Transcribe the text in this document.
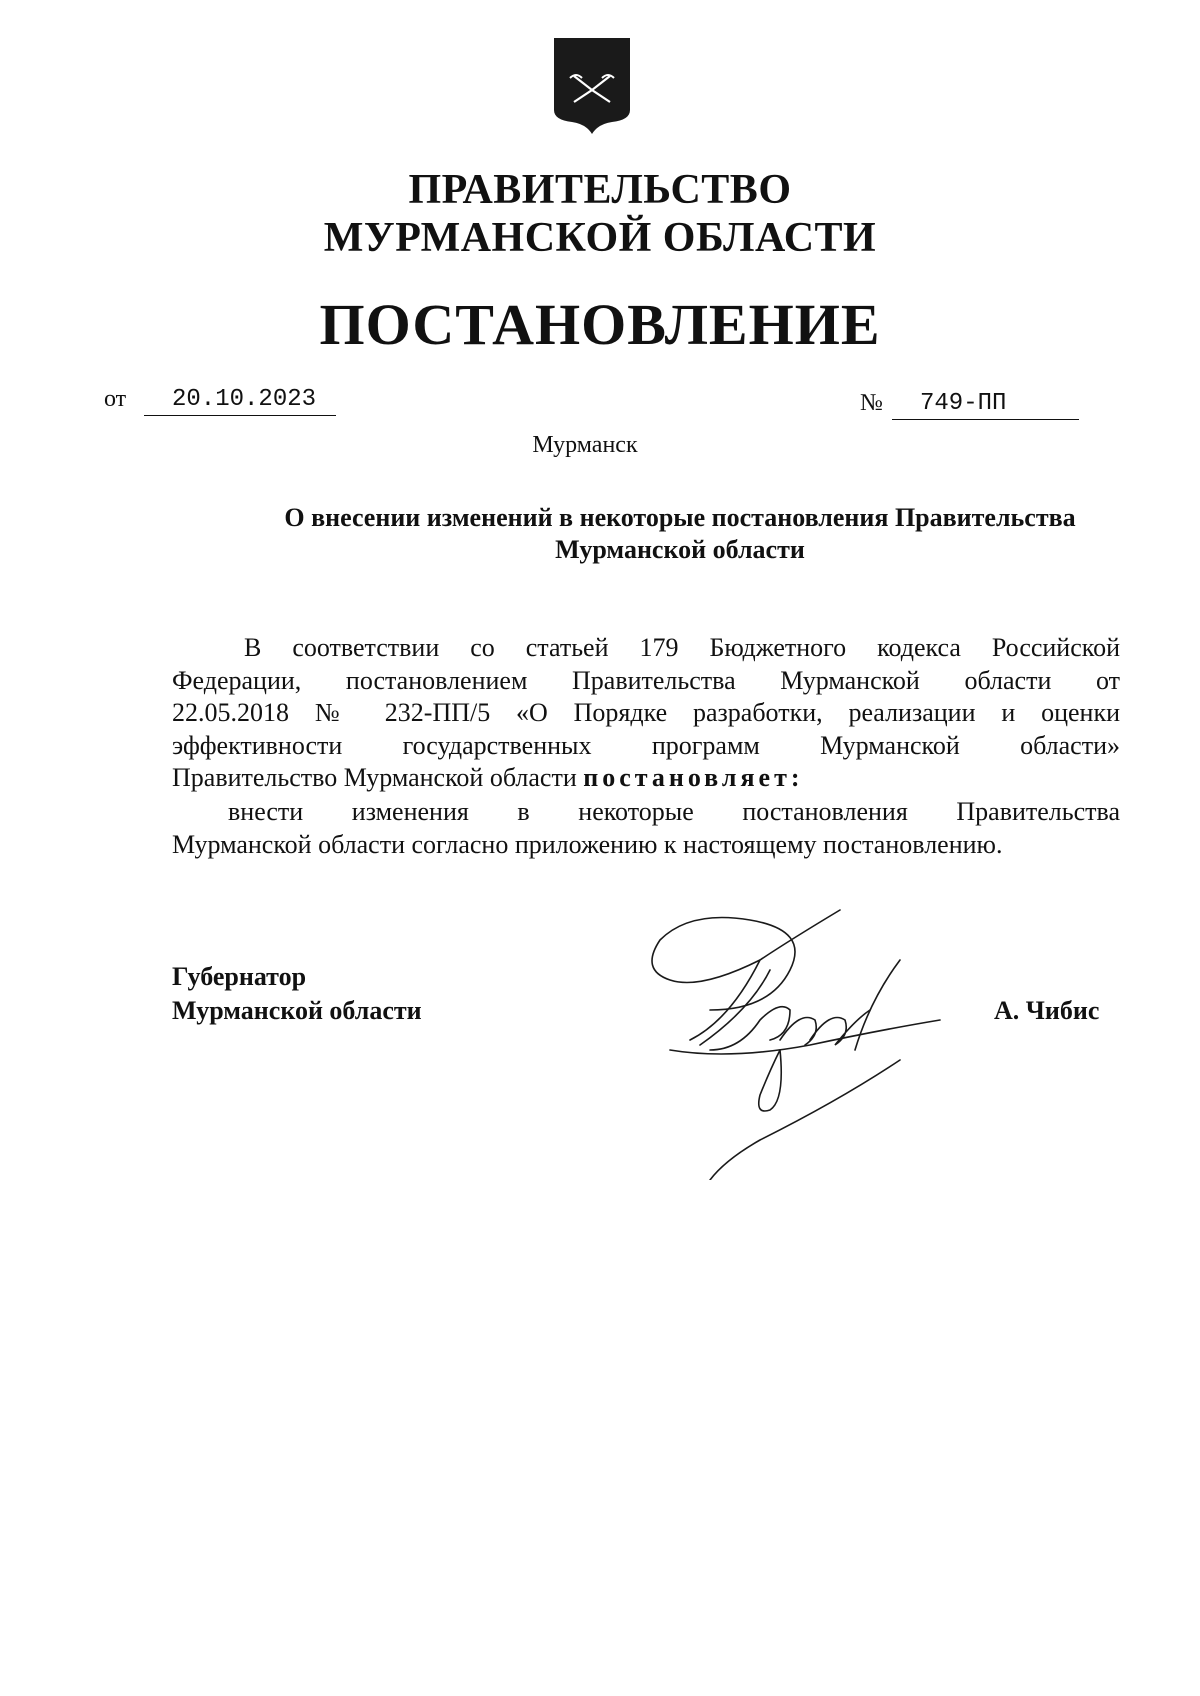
ПРАВИТЕЛЬСТВО
МУРМАНСКОЙ ОБЛАСТИ
ПОСТАНОВЛЕНИЕ
от	20.10.2023	№	749-ПП
Мурманск
О внесении изменений в некоторые постановления Правительства
Мурманской области
В соответствии со статьей 179 Бюджетного кодекса Российской
Федерации, постановлением Правительства Мурманской области от
22.05.2018 № 232-ПП/5 «О Порядке разработки, реализации и оценки
эффективности государственных программ Мурманской области»
Правительство Мурманской области постановляет:
внести изменения в некоторые постановления Правительства
Мурманской области согласно приложению к настоящему постановлению.
Губернатор
Мурманской области	А. Чибис
